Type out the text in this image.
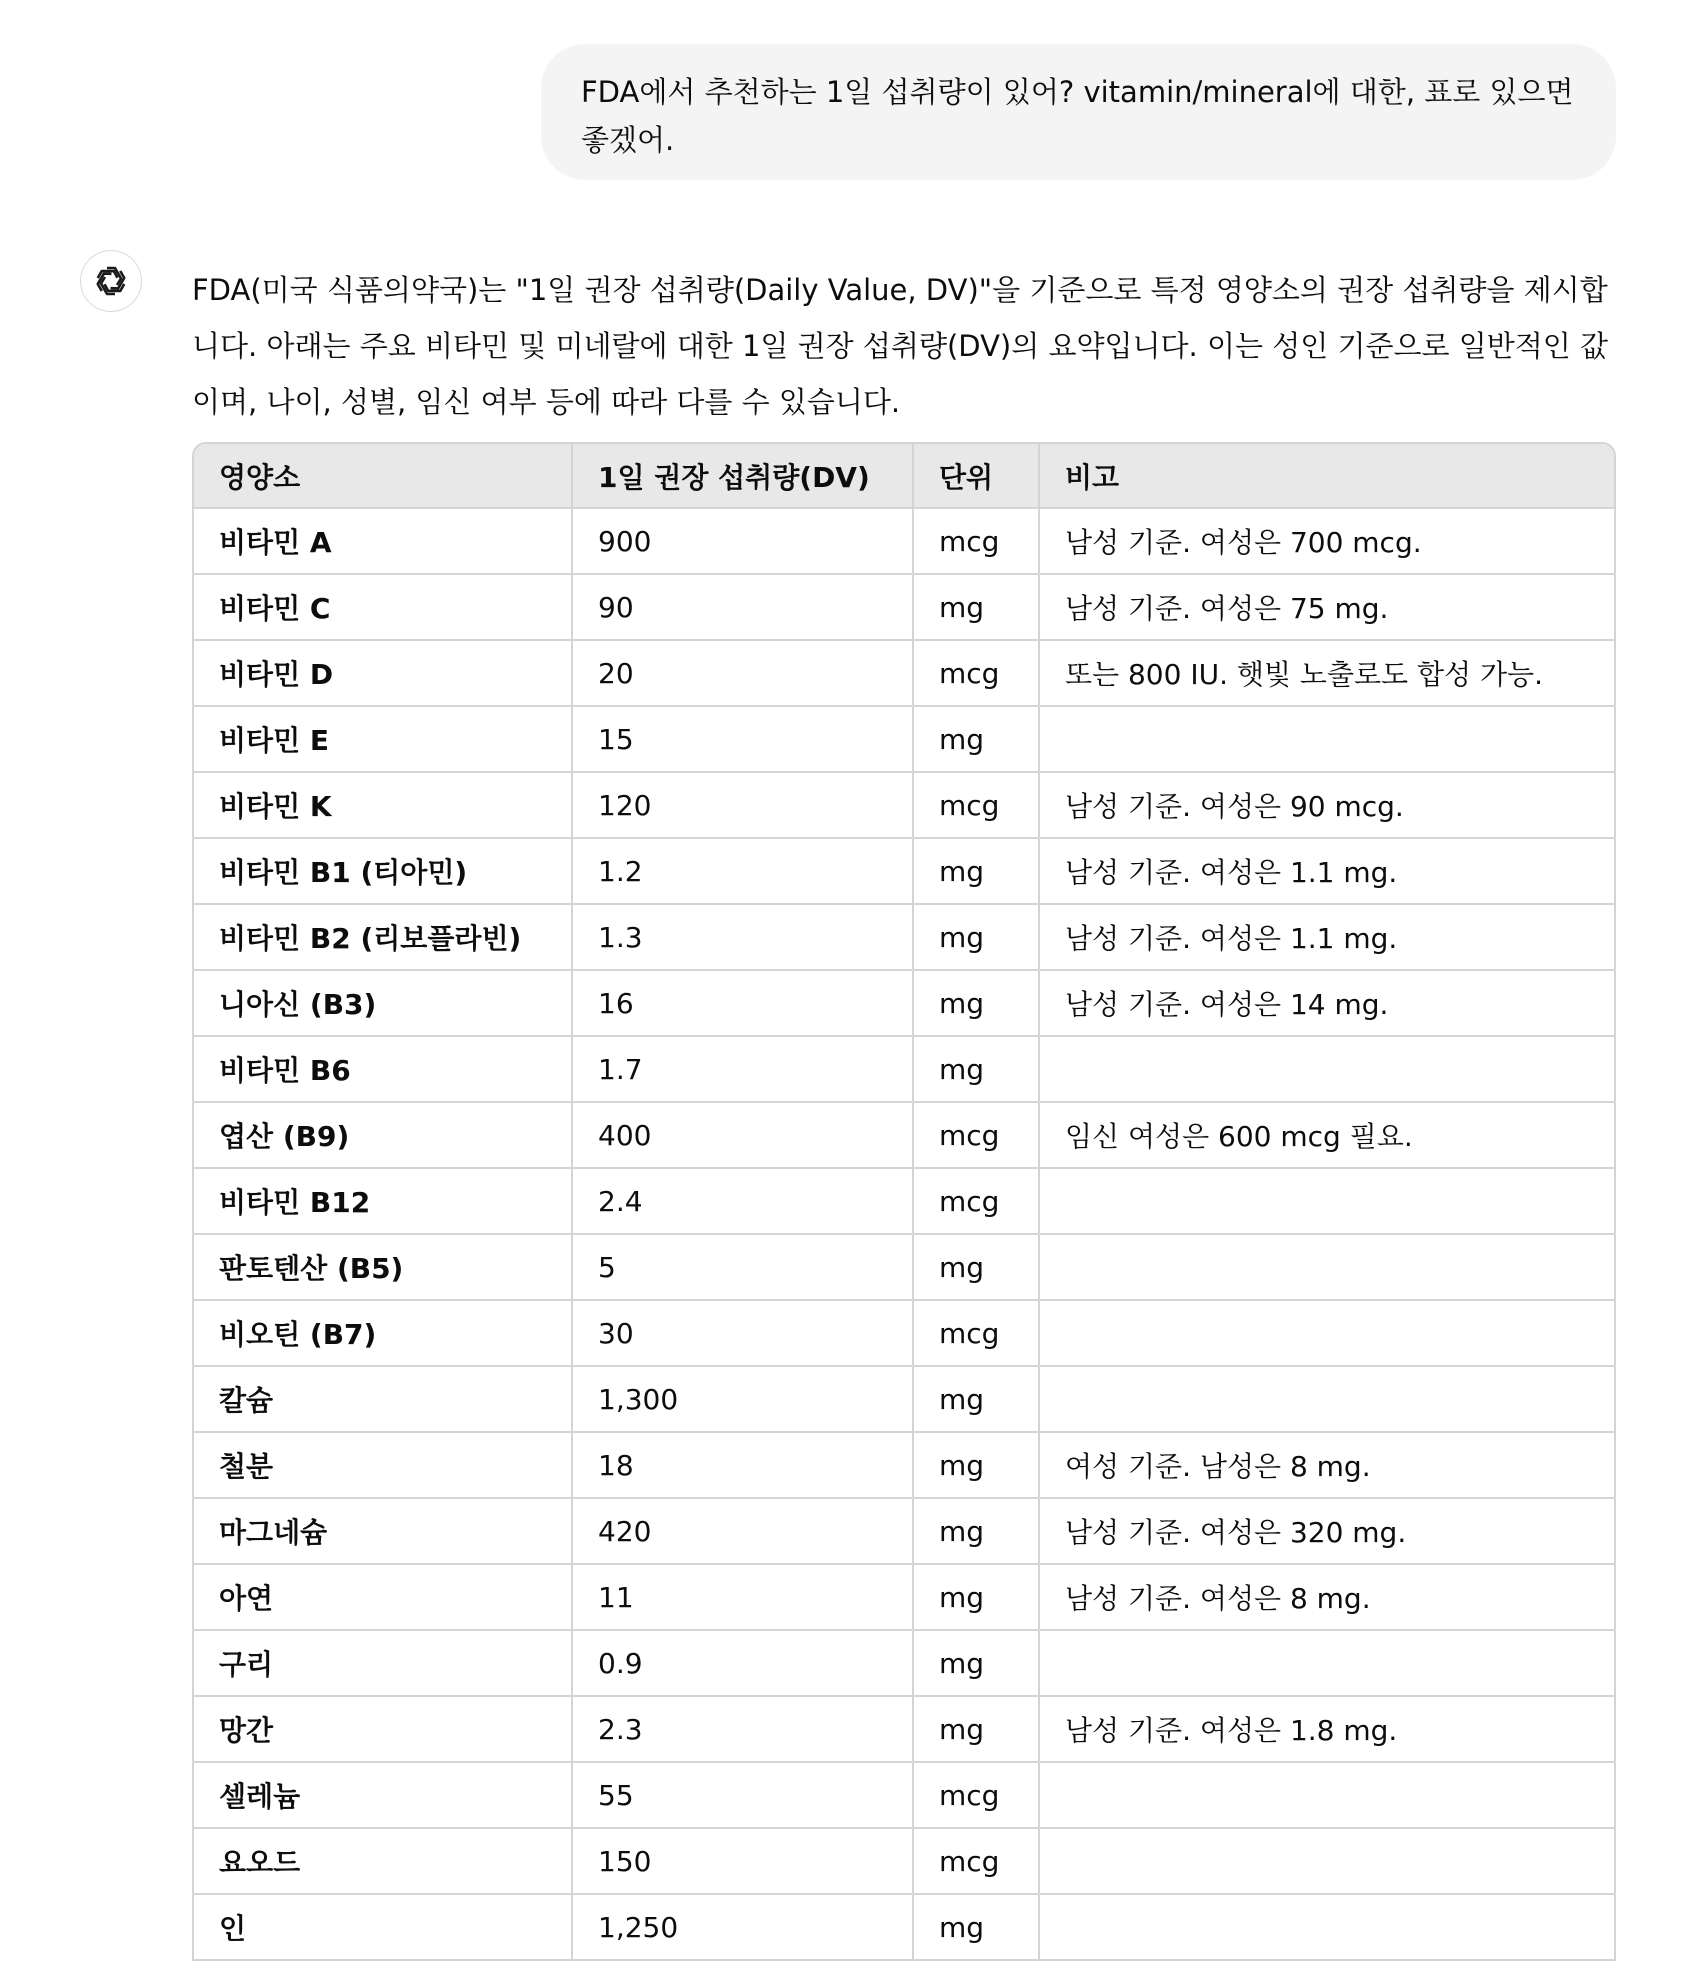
FDA에서 추천하는 1일 섭취량이 있어? vitamin/mineral에 대한, 표로 있으면 좋겠어.
FDA(미국 식품의약국)는 "1일 권장 섭취량(Daily Value, DV)"을 기준으로 특정 영양소의 권장 섭취량을 제시합니다. 아래는 주요 비타민 및 미네랄에 대한 1일 권장 섭취량(DV)의 요약입니다. 이는 성인 기준으로 일반적인 값이며, 나이, 성별, 임신 여부 등에 따라 다를 수 있습니다.
영양소	1일 권장 섭취량(DV)	단위	비고
비타민 A	900	mcg	남성 기준. 여성은 700 mcg.
비타민 C	90	mg	남성 기준. 여성은 75 mg.
비타민 D	20	mcg	또는 800 IU. 햇빛 노출로도 합성 가능.
비타민 E	15	mg	
비타민 K	120	mcg	남성 기준. 여성은 90 mcg.
비타민 B1 (티아민)	1.2	mg	남성 기준. 여성은 1.1 mg.
비타민 B2 (리보플라빈)	1.3	mg	남성 기준. 여성은 1.1 mg.
니아신 (B3)	16	mg	남성 기준. 여성은 14 mg.
비타민 B6	1.7	mg	
엽산 (B9)	400	mcg	임신 여성은 600 mcg 필요.
비타민 B12	2.4	mcg	
판토텐산 (B5)	5	mg	
비오틴 (B7)	30	mcg	
칼슘	1,300	mg	
철분	18	mg	여성 기준. 남성은 8 mg.
마그네슘	420	mg	남성 기준. 여성은 320 mg.
아연	11	mg	남성 기준. 여성은 8 mg.
구리	0.9	mg	
망간	2.3	mg	남성 기준. 여성은 1.8 mg.
셀레늄	55	mcg	
요오드	150	mcg	
인	1,250	mg	
